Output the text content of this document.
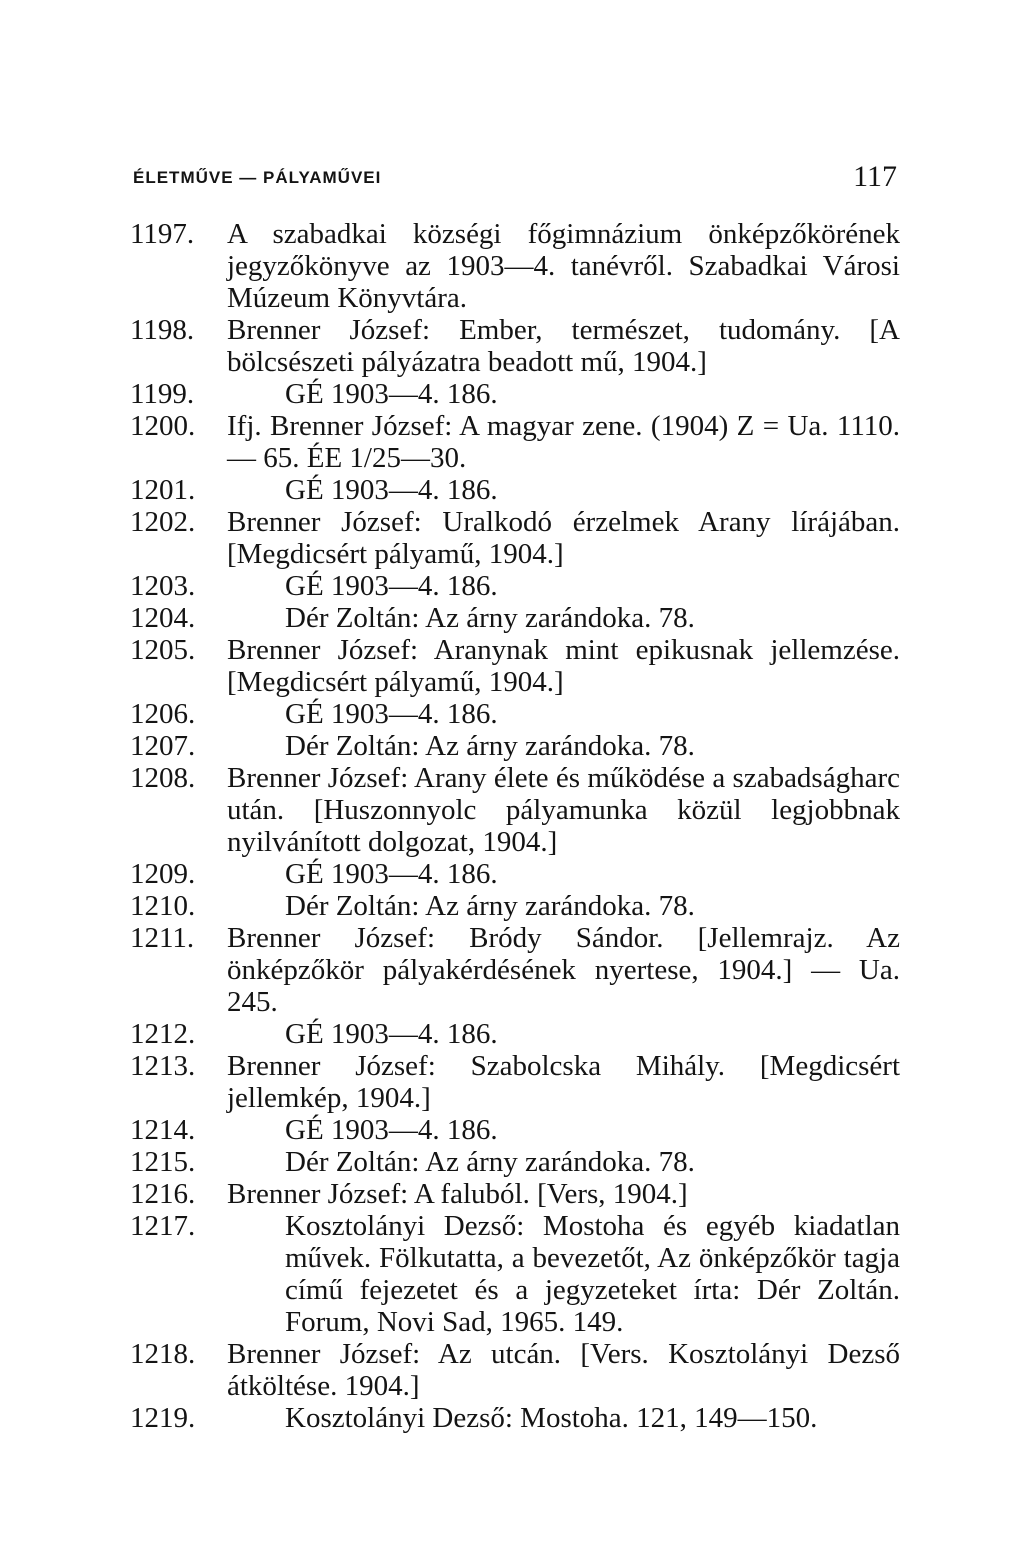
ÉLETMŰVE — PÁLYAMŰVEI	117
1197. A szabadkai községi főgimnázium önképzőkörének jegyzőkönyve az 1903—4. tanévről. Szabadkai Városi Múzeum Könyvtára.
1198. Brenner József: Ember, természet, tudomány. [A bölcsészeti pályázatra beadott mű, 1904.]
1199.	GÉ 1903—4. 186.
1200. Ifj. Brenner József: A magyar zene. (1904) Z = Ua. 1110. — 65. ÉE 1/25—30.
1201.	GÉ 1903—4. 186.
1202. Brenner József: Uralkodó érzelmek Arany lírájában. [Megdicsért pályamű, 1904.]
1203.	GÉ 1903—4. 186.
1204.	Dér Zoltán: Az árny zarándoka. 78.
1205. Brenner József: Aranynak mint epikusnak jellemzése. [Megdicsért pályamű, 1904.]
1206.	GÉ 1903—4. 186.
1207.	Dér Zoltán: Az árny zarándoka. 78.
1208. Brenner József: Arany élete és működése a szabadságharc után. [Huszonnyolc pályamunka közül legjobbnak nyilvánított dolgozat, 1904.]
1209.	GÉ 1903—4. 186.
1210.	Dér Zoltán: Az árny zarándoka. 78.
1211. Brenner József: Bródy Sándor. [Jellemrajz. Az önképzőkör pályakérdésének nyertese, 1904.] — Ua. 245.
1212.	GÉ 1903—4. 186.
1213. Brenner József: Szabolcska Mihály. [Megdicsért jellemkép, 1904.]
1214.	GÉ 1903—4. 186.
1215.	Dér Zoltán: Az árny zarándoka. 78.
1216. Brenner József: A faluból. [Vers, 1904.]
1217.	Kosztolányi Dezső: Mostoha és egyéb kiadatlan művek. Fölkutatta, a bevezetőt, Az önképzőkör tagja című fejezetet és a jegyzeteket írta: Dér Zoltán. Forum, Novi Sad, 1965. 149.
1218. Brenner József: Az utcán. [Vers. Kosztolányi Dezső átköltése. 1904.]
1219.	Kosztolányi Dezső: Mostoha. 121, 149—150.
